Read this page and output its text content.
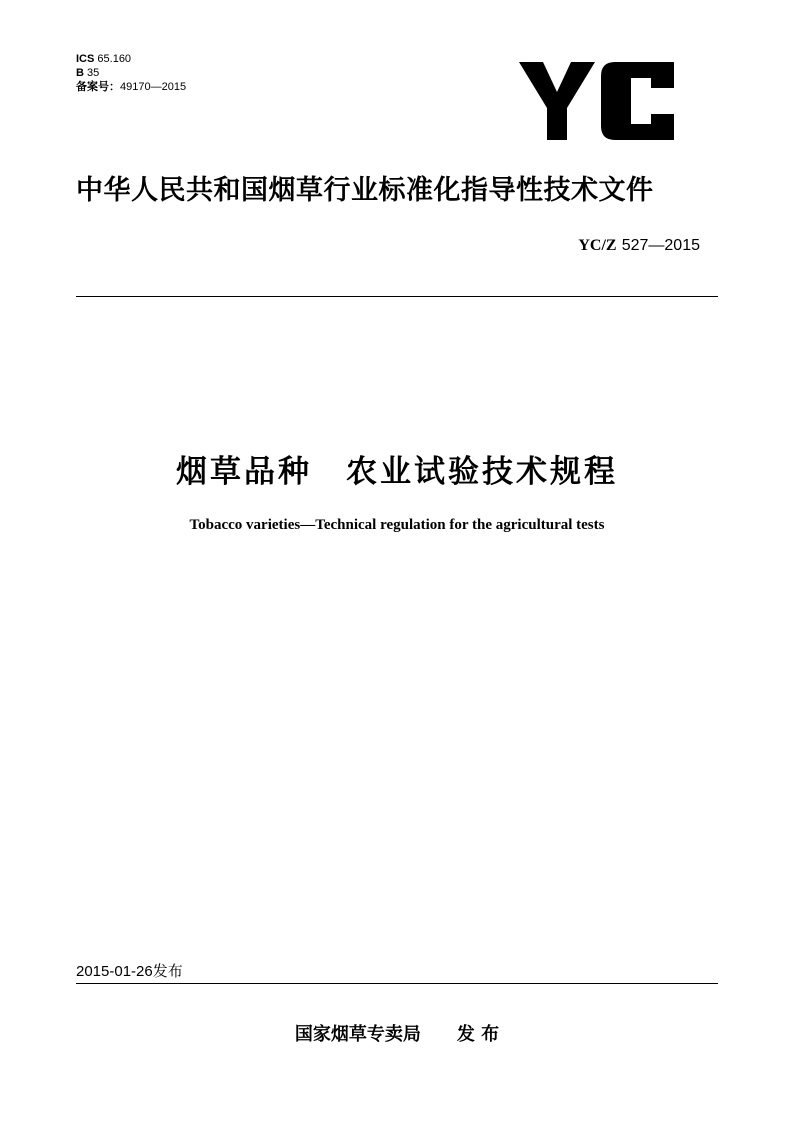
ICS 65.160
B 35
备案号：49170—2015
中华人民共和国烟草行业标准化指导性技术文件
YC/Z 527—2015
烟草品种　农业试验技术规程
Tobacco varieties—Technical regulation for the agricultural tests
2015-01-26发布
国家烟草专卖局 发 布
